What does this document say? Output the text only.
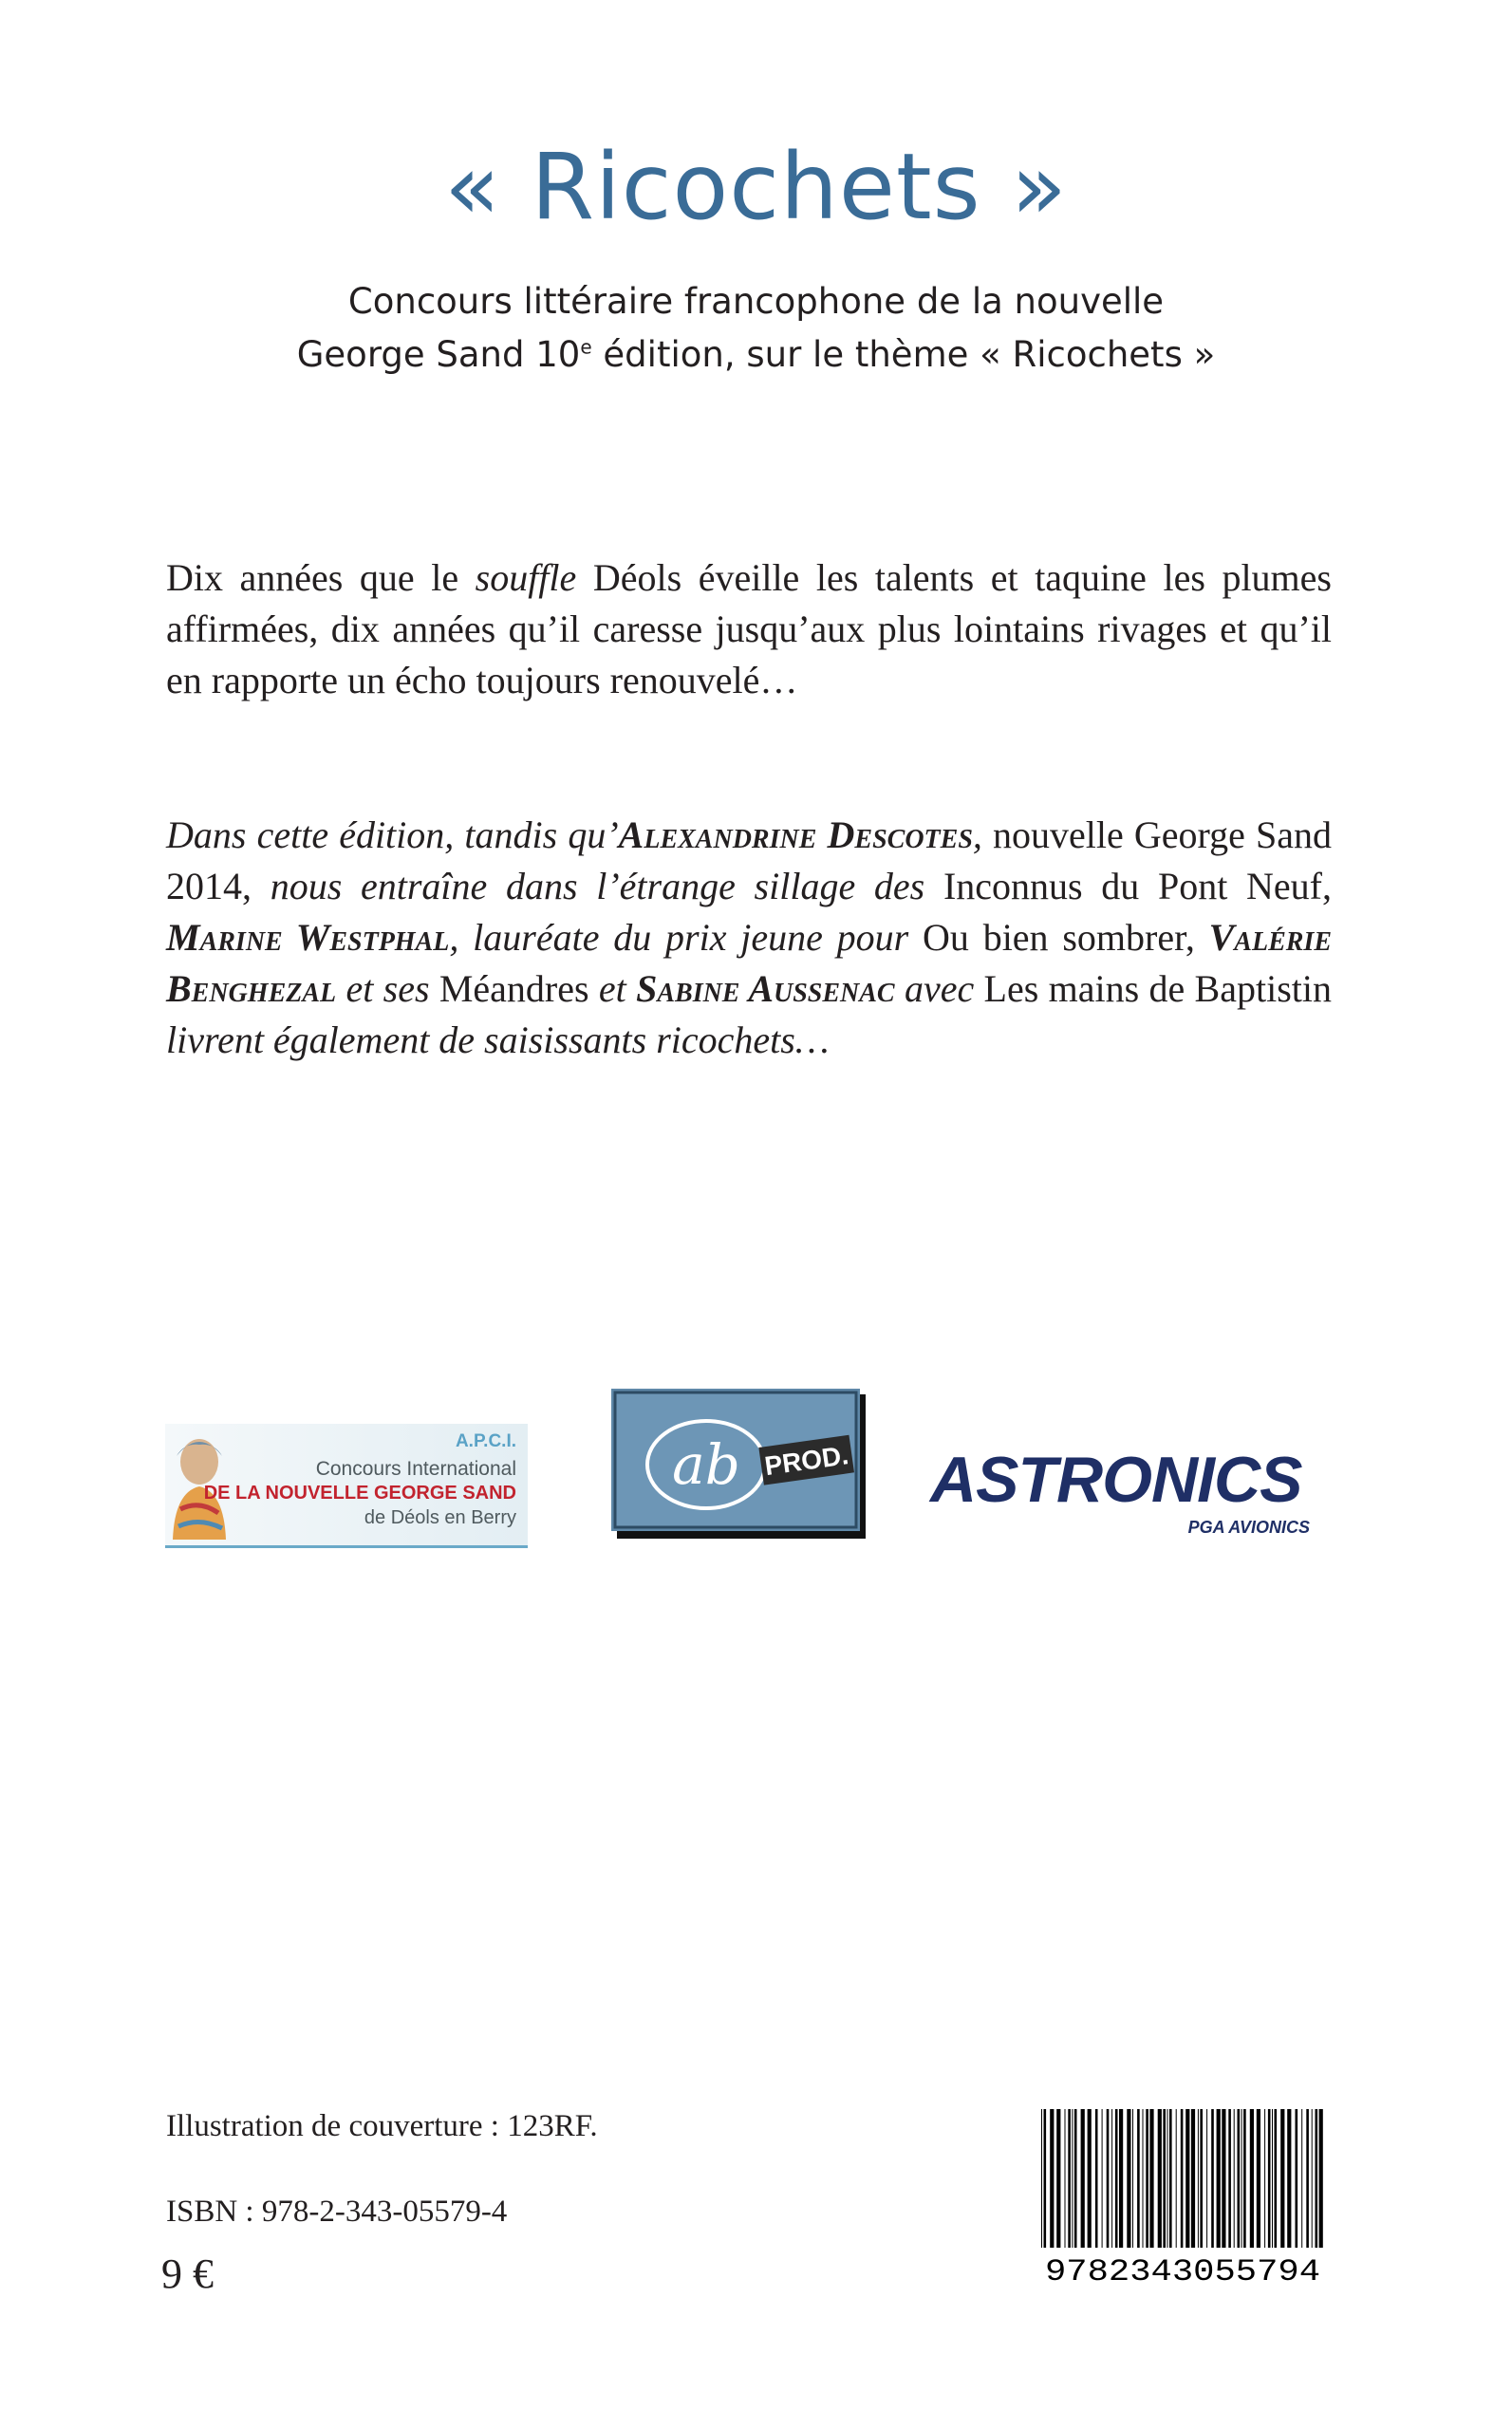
« Ricochets »
Concours littéraire francophone de la nouvelle
George Sand 10e édition, sur le thème « Ricochets »

Dix années que le souffle Déols éveille les talents et taquine les plumes affirmées, dix années qu’il caresse jusqu’aux plus lointains rivages et qu’il en rapporte un écho toujours renouvelé…

Dans cette édition, tandis qu’Alexandrine Descotes, nouvelle George Sand 2014, nous entraîne dans l’étrange sillage des Inconnus du Pont Neuf, Marine Westphal, lauréate du prix jeune pour Ou bien sombrer, Valérie Benghezal et ses Méandres et Sabine Aussenac avec Les mains de Baptistin livrent également de saisissants ricochets…

A.P.C.I.
Concours International
DE LA NOUVELLE GEORGE SAND
de Déols en Berry
ab PROD. ASTRONICS
PGA AVIONICS
Illustration de couverture : 123RF.
ISBN : 978-2-343-05579-4
9 €	9782343055794
